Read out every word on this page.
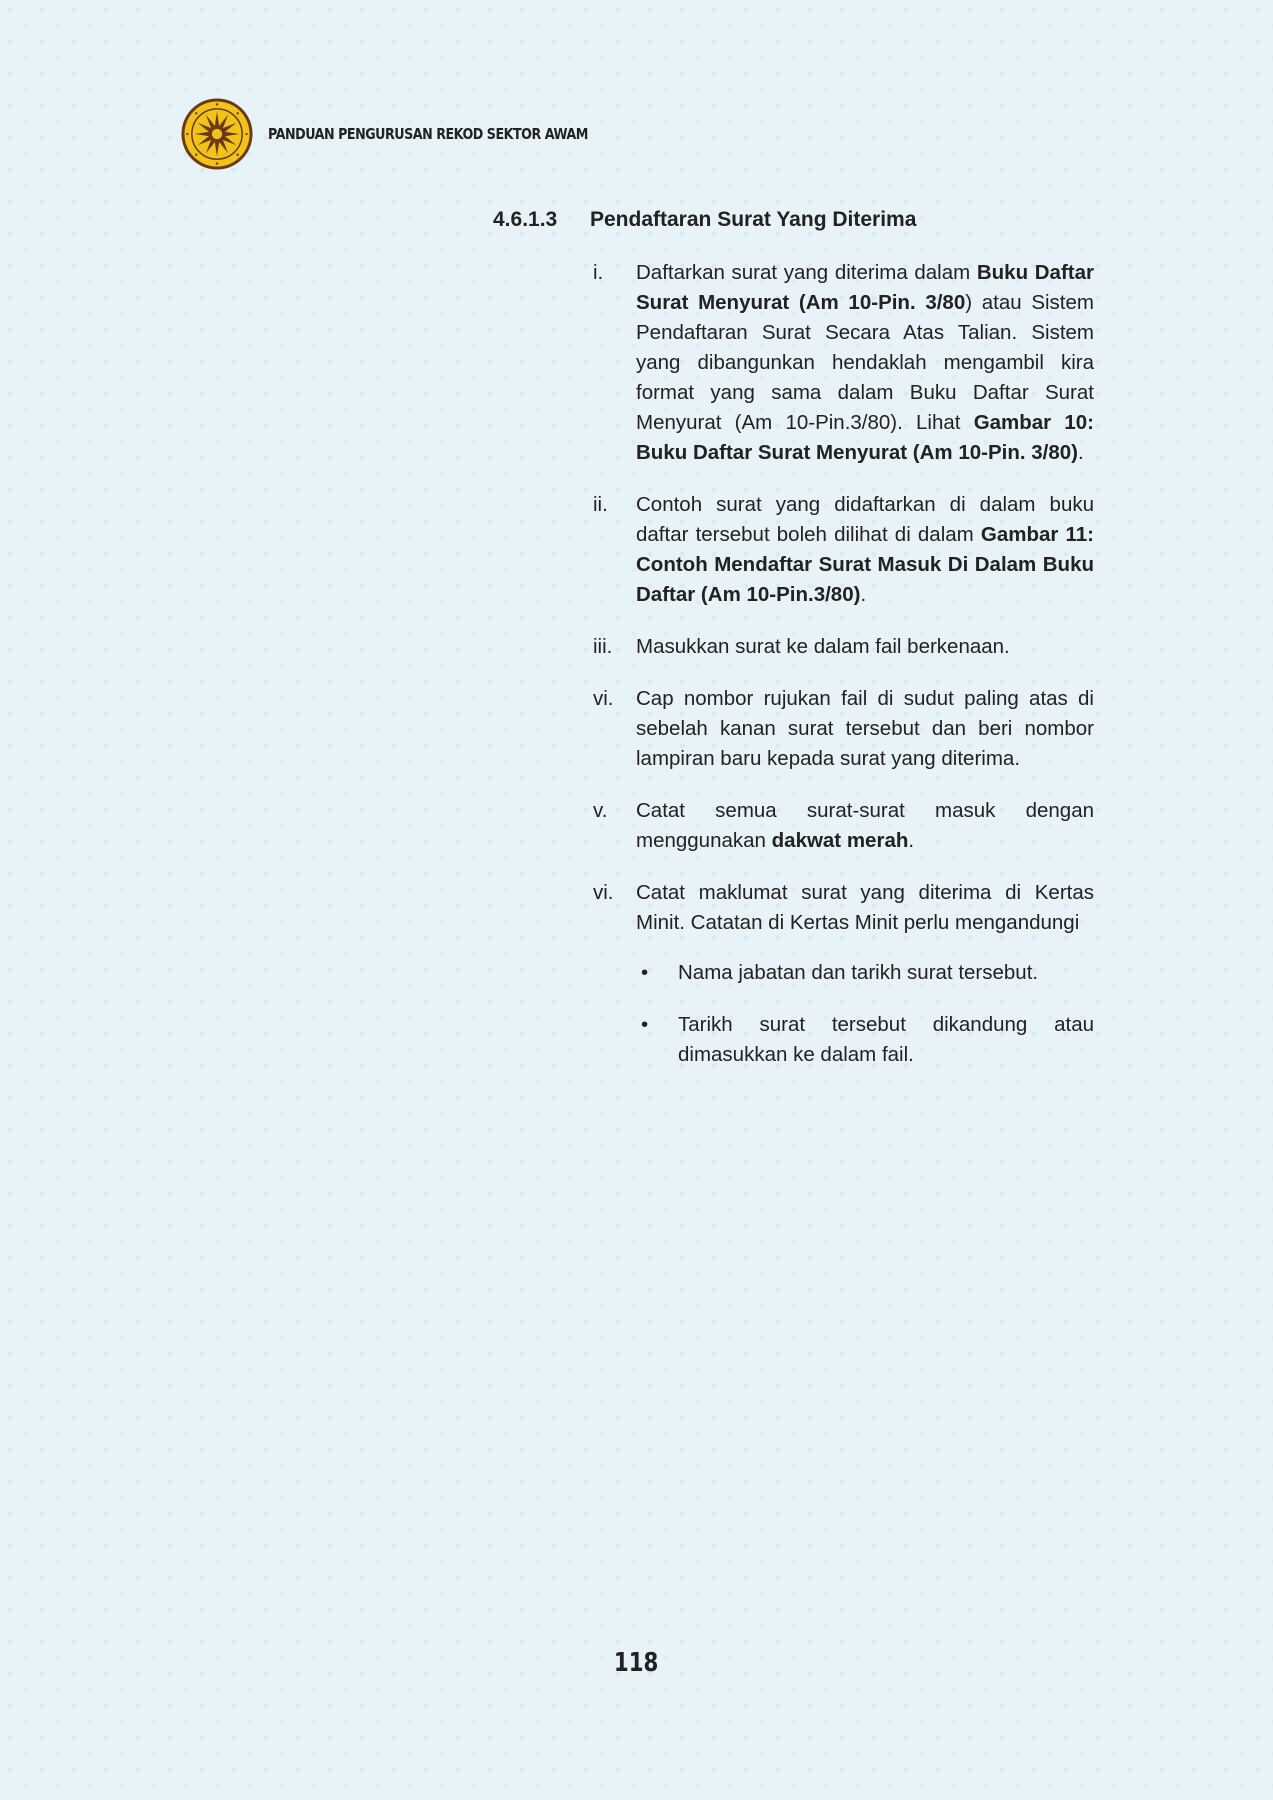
PANDUAN PENGURUSAN REKOD SEKTOR AWAM
4.6.1.3 Pendaftaran Surat Yang Diterima
i.	Daftarkan surat yang diterima dalam Buku Daftar Surat Menyurat (Am 10-Pin. 3/80) atau Sistem Pendaftaran Surat Secara Atas Talian. Sistem yang dibangunkan hendaklah mengambil kira format yang sama dalam Buku Daftar Surat Menyurat (Am 10-Pin.3/80). Lihat Gambar 10: Buku Daftar Surat Menyurat (Am 10-Pin. 3/80).
ii.	Contoh surat yang didaftarkan di dalam buku daftar tersebut boleh dilihat di dalam Gambar 11: Contoh Mendaftar Surat Masuk Di Dalam Buku Daftar (Am 10-Pin.3/80).
iii.	Masukkan surat ke dalam fail berkenaan.
vi.	Cap nombor rujukan fail di sudut paling atas di sebelah kanan surat tersebut dan beri nombor lampiran baru kepada surat yang diterima.
v.	Catat semua surat-surat masuk dengan menggunakan dakwat merah.
vi.	Catat maklumat surat yang diterima di Kertas Minit. Catatan di Kertas Minit perlu mengandungi
•	Nama jabatan dan tarikh surat tersebut.
•	Tarikh surat tersebut dikandung atau dimasukkan ke dalam fail.
118
